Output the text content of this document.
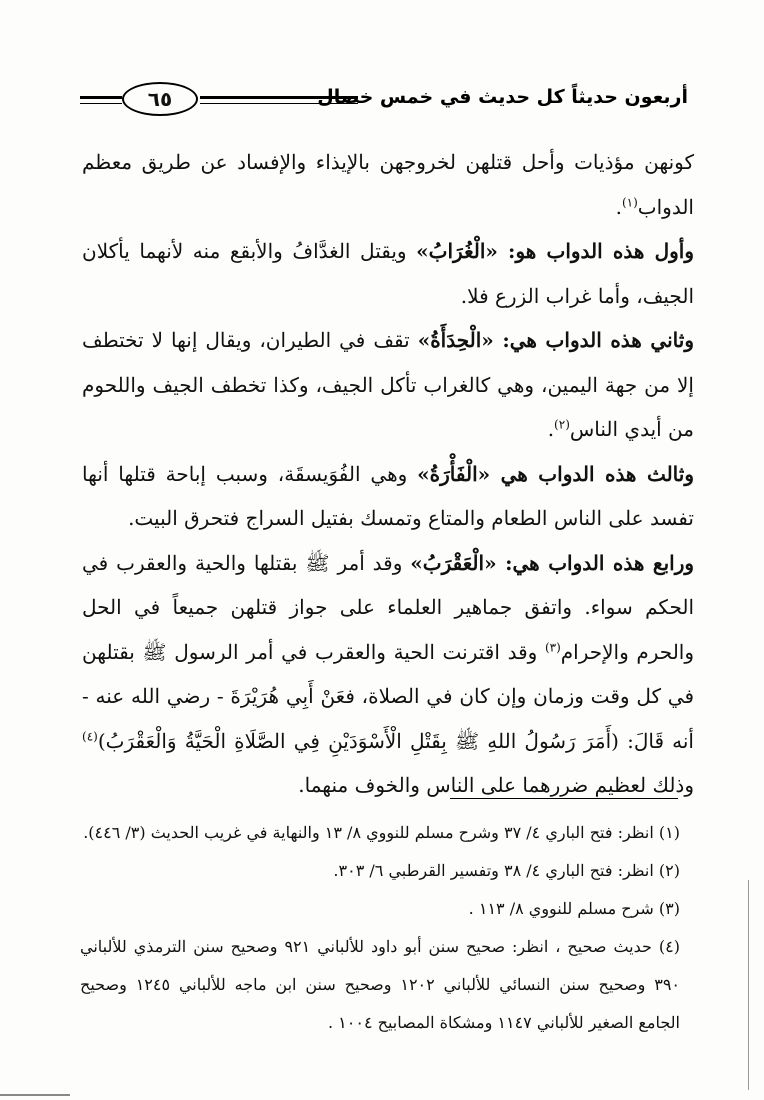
أربعون حديثاً كل حديث في خمس خصال
٦٥

كونهن مؤذيات وأحل قتلهن لخروجهن بالإيذاء والإفساد عن طريق معظم الدواب$^{(١)}$.

وأول هذه الدواب هو: «الْغُرَابُ» ويقتل الغدَّافُ والأبقع منه لأنهما يأكلان الجيف، وأما غراب الزرع فلا.

وثاني هذه الدواب هي: «الْحِدَأَةُ» تقف في الطيران، ويقال إنها لا تختطف إلا من جهة اليمين، وهي كالغراب تأكل الجيف، وكذا تخطف الجيف واللحوم من أيدي الناس$^{(٢)}$.

وثالث هذه الدواب هي «الْفَأْرَةُ» وهي الفُوَيسقَة، وسبب إباحة قتلها أنها تفسد على الناس الطعام والمتاع وتمسك بفتيل السراج فتحرق البيت.

ورابع هذه الدواب هي: «الْعَقْرَبُ» وقد أمر ﷺ بقتلها والحية والعقرب في الحكم سواء. واتفق جماهير العلماء على جواز قتلهن جميعاً في الحل والحرم والإحرام$^{(٣)}$ وقد اقترنت الحية والعقرب في أمر الرسول ﷺ بقتلهن في كل وقت وزمان وإن كان في الصلاة، فعَنْ أَبِي هُرَيْرَةَ - رضي الله عنه - أنه قَالَ: (أَمَرَ رَسُولُ اللهِ ﷺ بِقَتْلِ الْأَسْوَدَيْنِ فِي الصَّلَاةِ الْحَيَّةُ وَالْعَقْرَبُ)$^{(٤)}$ وذلك لعظيم ضررهما على الناس والخوف منهما.

(١) انظر: فتح الباري ٤/ ٣٧ وشرح مسلم للنووي ٨/ ١٣ والنهاية في غريب الحديث (٣/ ٤٤٦).

(٢) انظر: فتح الباري ٤/ ٣٨ وتفسير القرطبي ٦/ ٣٠٣.

(٣) شرح مسلم للنووي ٨/ ١١٣ .

(٤) حديث صحيح ، انظر: صحيح سنن أبو داود للألباني ٩٢١ وصحيح سنن الترمذي للألباني ٣٩٠ وصحيح سنن النسائي للألباني ١٢٠٢ وصحيح سنن ابن ماجه للألباني ١٢٤٥ وصحيح الجامع الصغير للألباني ١١٤٧ ومشكاة المصابيح ١٠٠٤ .
